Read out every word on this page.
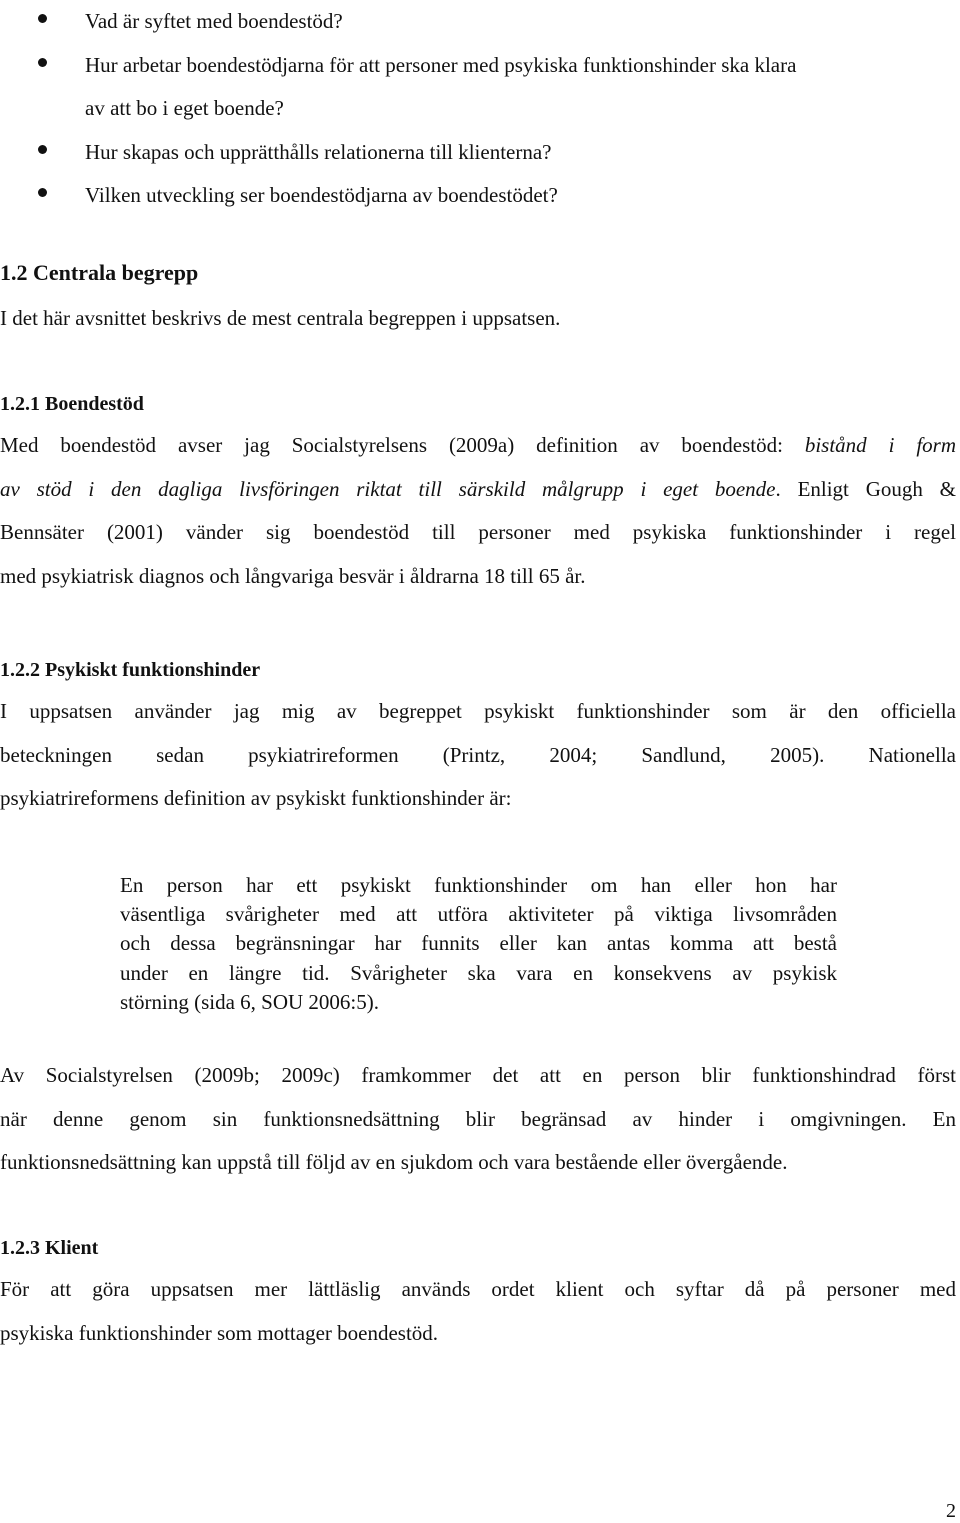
Vad är syftet med boendestöd?
Hur arbetar boendestödjarna för att personer med psykiska funktionshinder ska klara
av att bo i eget boende?
Hur skapas och upprätthålls relationerna till klienterna?
Vilken utveckling ser boendestödjarna av boendestödet?
1.2 Centrala begrepp

I det här avsnittet beskrivs de mest centrala begreppen i uppsatsen.

1.2.1 Boendestöd

Med boendestöd avser jag Socialstyrelsens (2009a) definition av boendestöd: bistånd i form
av stöd i den dagliga livsföringen riktat till särskild målgrupp i eget boende. Enligt Gough &
Bennsäter (2001) vänder sig boendestöd till personer med psykiska funktionshinder i regel
med psykiatrisk diagnos och långvariga besvär i åldrarna 18 till 65 år.

1.2.2 Psykiskt funktionshinder

I uppsatsen använder jag mig av begreppet psykiskt funktionshinder som är den officiella
beteckningen sedan psykiatrireformen (Printz, 2004; Sandlund, 2005). Nationella
psykiatrireformens definition av psykiskt funktionshinder är:

En person har ett psykiskt funktionshinder om han eller hon har
väsentliga svårigheter med att utföra aktiviteter på viktiga livsområden
och dessa begränsningar har funnits eller kan antas komma att bestå
under en längre tid. Svårigheter ska vara en konsekvens av psykisk
störning (sida 6, SOU 2006:5).

Av Socialstyrelsen (2009b; 2009c) framkommer det att en person blir funktionshindrad först
när denne genom sin funktionsnedsättning blir begränsad av hinder i omgivningen. En
funktionsnedsättning kan uppstå till följd av en sjukdom och vara bestående eller övergående.

1.2.3 Klient

För att göra uppsatsen mer lättläslig används ordet klient och syftar då på personer med
psykiska funktionshinder som mottager boendestöd.

2
